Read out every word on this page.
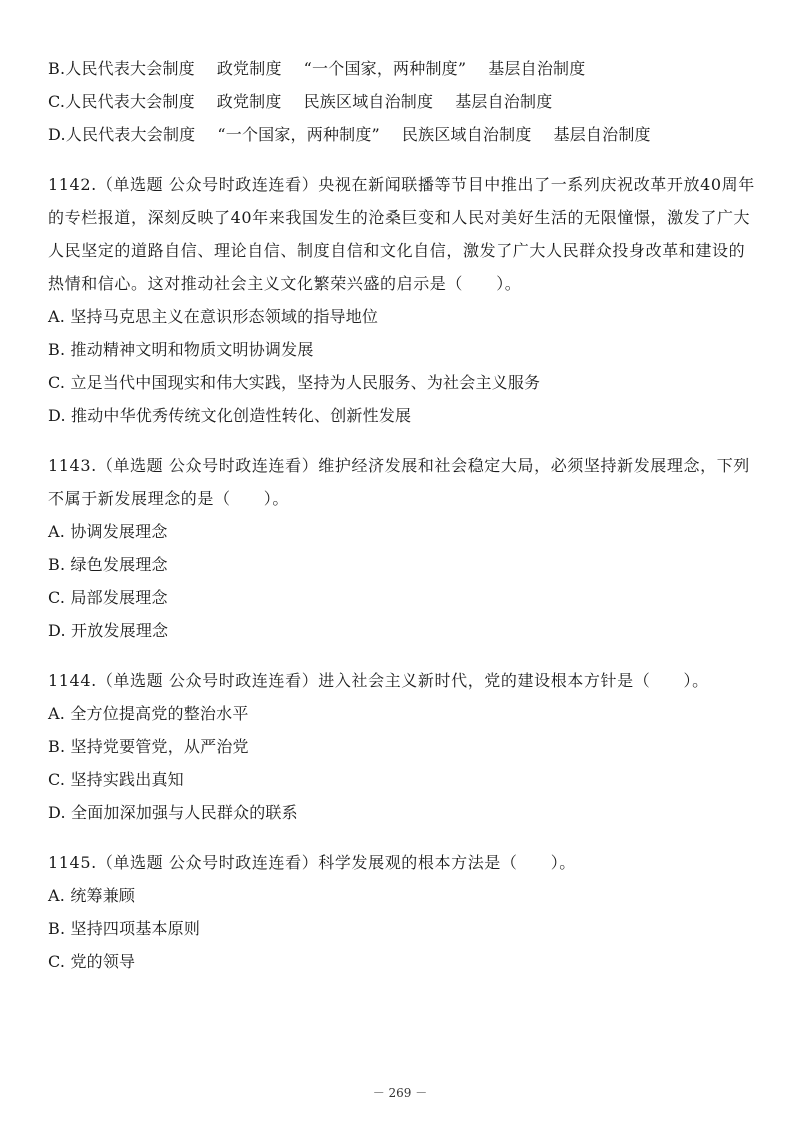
B.人民代表大会制度 政党制度 “一个国家，两种制度” 基层自治制度
C.人民代表大会制度 政党制度 民族区域自治制度 基层自治制度
D.人民代表大会制度 “一个国家，两种制度” 民族区域自治制度 基层自治制度
1142.（单选题 公众号时政连连看）央视在新闻联播等节目中推出了一系列庆祝改革开放40周年的专栏报道，深刻反映了40年来我国发生的沧桑巨变和人民对美好生活的无限憧憬，激发了广大人民坚定的道路自信、理论自信、制度自信和文化自信，激发了广大人民群众投身改革和建设的热情和信心。这对推动社会主义文化繁荣兴盛的启示是（　　）。
A. 坚持马克思主义在意识形态领域的指导地位
B. 推动精神文明和物质文明协调发展
C. 立足当代中国现实和伟大实践，坚持为人民服务、为社会主义服务
D. 推动中华优秀传统文化创造性转化、创新性发展
1143.（单选题 公众号时政连连看）维护经济发展和社会稳定大局，必须坚持新发展理念，下列不属于新发展理念的是（　　）。
A. 协调发展理念
B. 绿色发展理念
C. 局部发展理念
D. 开放发展理念
1144.（单选题 公众号时政连连看）进入社会主义新时代，党的建设根本方针是（　　）。
A. 全方位提高党的整治水平
B. 坚持党要管党，从严治党
C. 坚持实践出真知
D. 全面加深加强与人民群众的联系
1145.（单选题 公众号时政连连看）科学发展观的根本方法是（　　）。
A. 统筹兼顾
B. 坚持四项基本原则
C. 党的领导
－ 269 －
